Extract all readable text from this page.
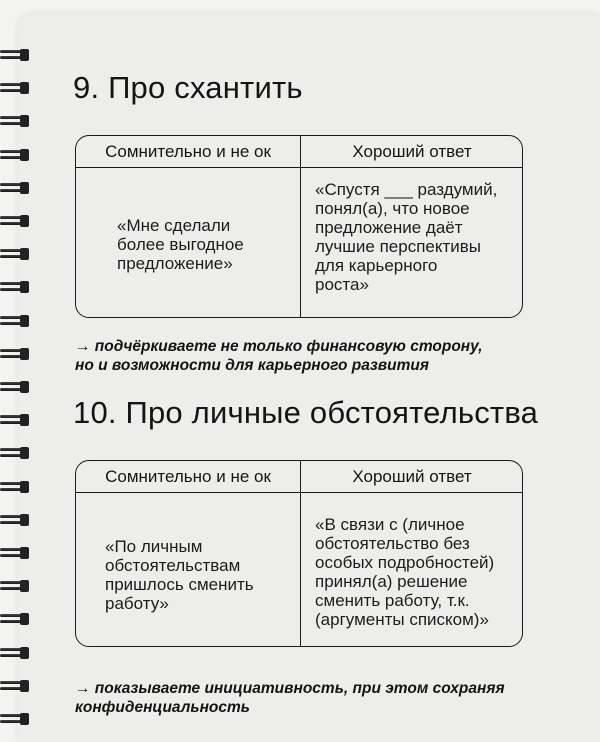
9. Про схантить
Сомнительно и не ок	Хороший ответ
«Мне сделали
более выгодное
предложение»
«Спустя ___ раздумий,
понял(а), что новое
предложение даёт
лучшие перспективы
для карьерного
роста»

→ подчёркиваете не только финансовую сторону,
но и возможности для карьерного развития

10. Про личные обстоятельства
Сомнительно и не ок	Хороший ответ
«По личным
обстоятельствам
пришлось сменить
работу»
«В связи с (личное
обстоятельство без
особых подробностей)
принял(а) решение
сменить работу, т.к.
(аргументы списком)»

→ показываете инициативность, при этом сохраняя
конфиденциальность
